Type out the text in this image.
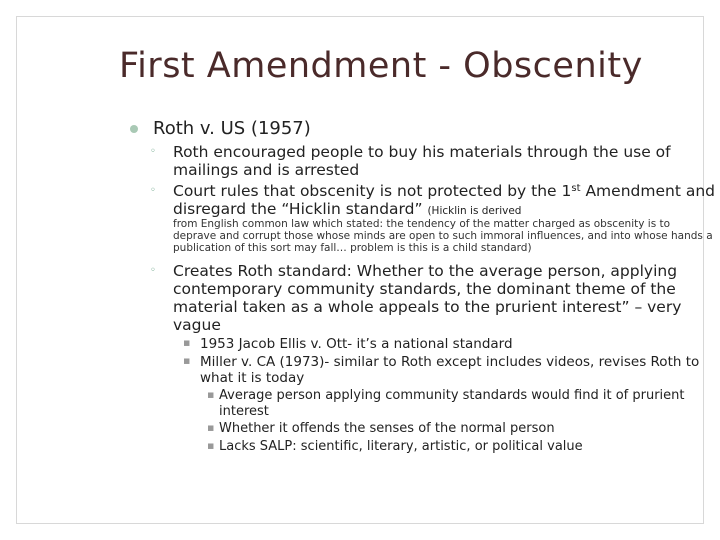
First Amendment - Obscenity
Roth v. US (1957)
◦ Roth encouraged people to buy his materials through the use of mailings and is arrested
◦ Court rules that obscenity is not protected by the 1st Amendment and disregard the “Hicklin standard” (Hicklin is derived
from English common law which stated: the tendency of the matter charged as obscenity is to deprave and corrupt those whose minds are open to such immoral influences, and into whose hands a publication of this sort may fall… problem is this is a child standard)
◦ Creates Roth standard: Whether to the average person, applying contemporary community standards, the dominant theme of the material taken as a whole appeals to the prurient interest” – very vague
▪ 1953 Jacob Ellis v. Ott- it’s a national standard
▪ Miller v. CA (1973)- similar to Roth except includes videos, revises Roth to what it is today
▪ Average person applying community standards would find it of prurient interest
▪ Whether it offends the senses of the normal person
▪ Lacks SALP: scientific, literary, artistic, or political value
